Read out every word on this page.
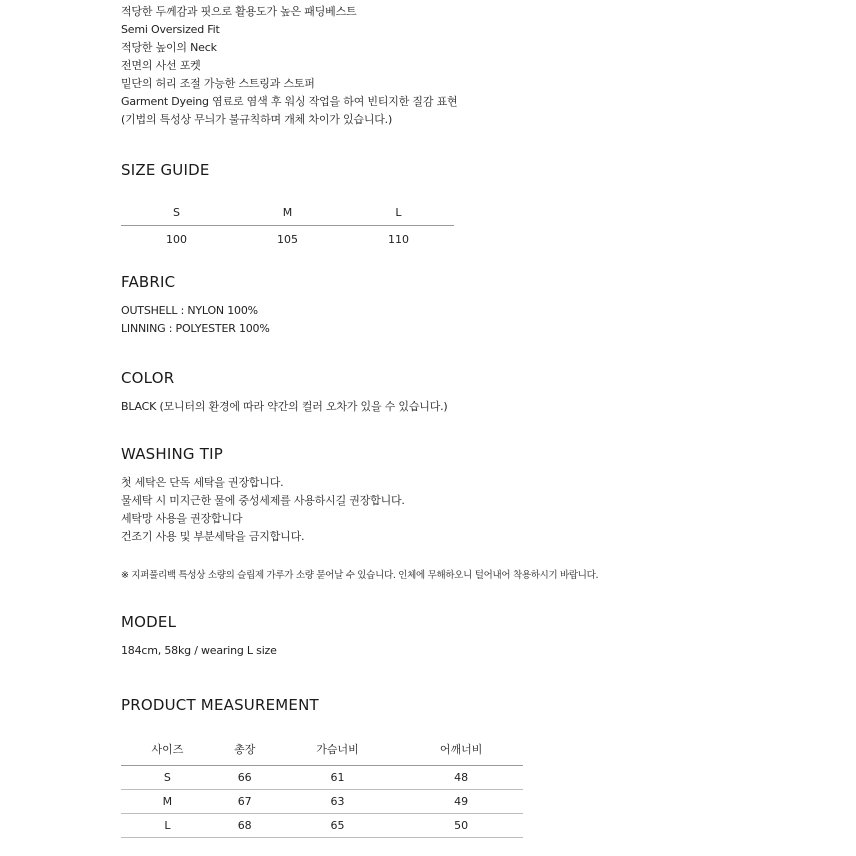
적당한 두께감과 핏으로 활용도가 높은 패딩베스트
Semi Oversized Fit
적당한 높이의 Neck
전면의 사선 포켓
밑단의 허리 조절 가능한 스트링과 스토퍼
Garment Dyeing 염료로 염색 후 워싱 작업을 하여 빈티지한 질감 표현
(기법의 특성상 무늬가 불규칙하며 개체 차이가 있습니다.)
SIZE GUIDE
S	M	L
100	105	110
FABRIC
OUTSHELL : NYLON 100%
LINNING : POLYESTER 100%
COLOR
BLACK (모니터의 환경에 따라 약간의 컬러 오차가 있을 수 있습니다.)
WASHING TIP
첫 세탁은 단독 세탁을 권장합니다.
물세탁 시 미지근한 물에 중성세제를 사용하시길 권장합니다.
세탁망 사용을 권장합니다
건조기 사용 및 부분세탁을 금지합니다.
※ 지퍼풀리백 특성상 소량의 슬립제 가루가 소량 묻어날 수 있습니다. 인체에 무해하오니 털어내어 착용하시기 바랍니다.
MODEL
184cm, 58kg / wearing L size
PRODUCT MEASUREMENT
사이즈	총장	가슴너비	어깨너비
S	66	61	48
M	67	63	49
L	68	65	50
